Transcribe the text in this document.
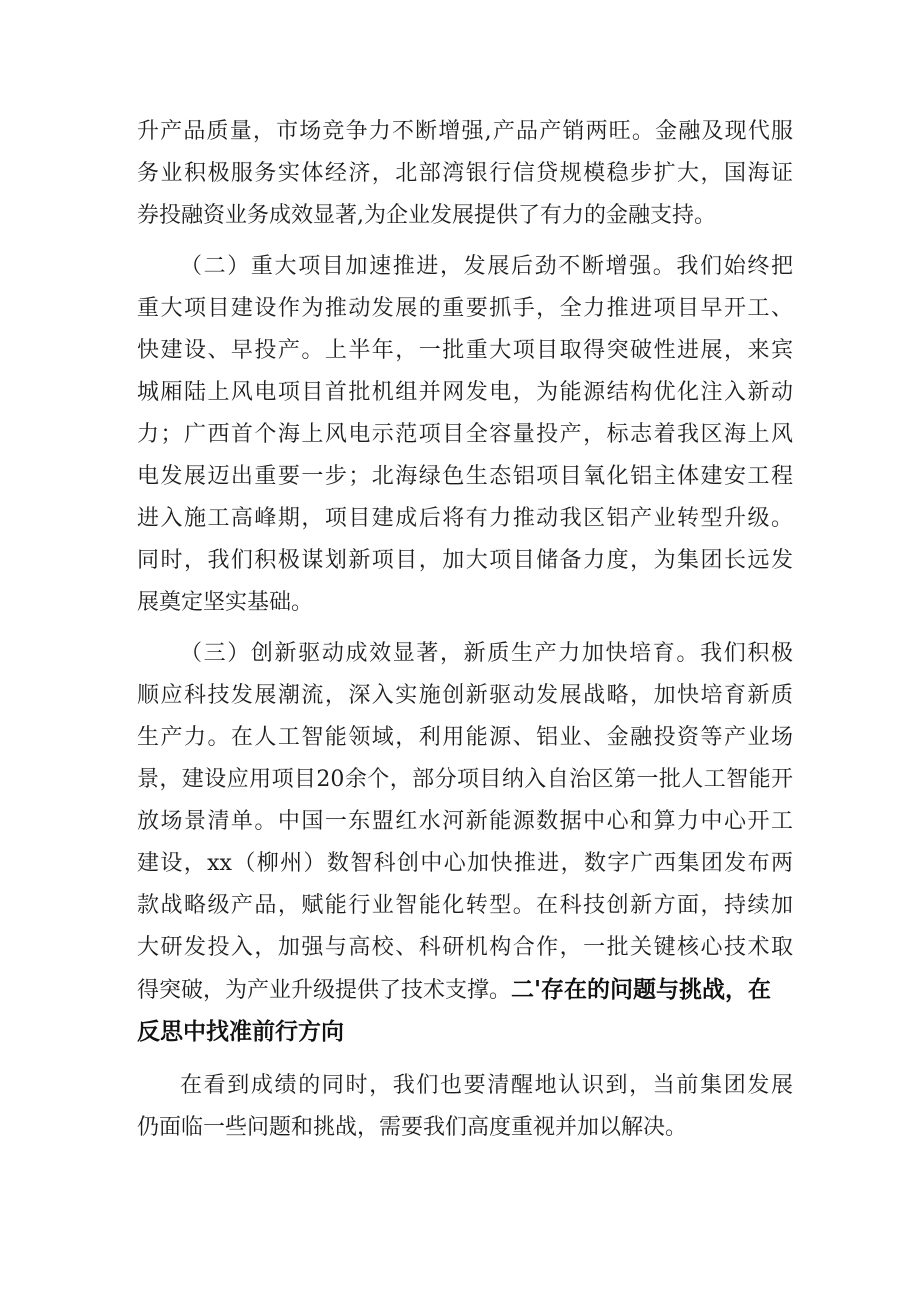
升产品质量，市场竞争力不断增强,产品产销两旺。金融及现代服
务业积极服务实体经济，北部湾银行信贷规模稳步扩大，国海证
券投融资业务成效显著,为企业发展提供了有力的金融支持。
（二）重大项目加速推进，发展后劲不断增强。我们始终把
重大项目建设作为推动发展的重要抓手，全力推进项目早开工、
快建设、早投产。上半年，一批重大项目取得突破性进展，来宾
城厢陆上风电项目首批机组并网发电，为能源结构优化注入新动
力；广西首个海上风电示范项目全容量投产，标志着我区海上风
电发展迈出重要一步；北海绿色生态铝项目氧化铝主体建安工程
进入施工高峰期，项目建成后将有力推动我区铝产业转型升级。
同时，我们积极谋划新项目，加大项目储备力度，为集团长远发
展奠定坚实基础。
（三）创新驱动成效显著，新质生产力加快培育。我们积极
顺应科技发展潮流，深入实施创新驱动发展战略，加快培育新质
生产力。在人工智能领域，利用能源、铝业、金融投资等产业场
景，建设应用项目20余个，部分项目纳入自治区第一批人工智能开
放场景清单。中国一东盟红水河新能源数据中心和算力中心开工
建设，xx（柳州）数智科创中心加快推进，数字广西集团发布两
款战略级产品，赋能行业智能化转型。在科技创新方面，持续加
大研发投入，加强与高校、科研机构合作，一批关键核心技术取
得突破，为产业升级提供了技术支撑。二'存在的问题与挑战，在
反思中找准前行方向
在看到成绩的同时，我们也要清醒地认识到，当前集团发展
仍面临一些问题和挑战，需要我们高度重视并加以解决。
